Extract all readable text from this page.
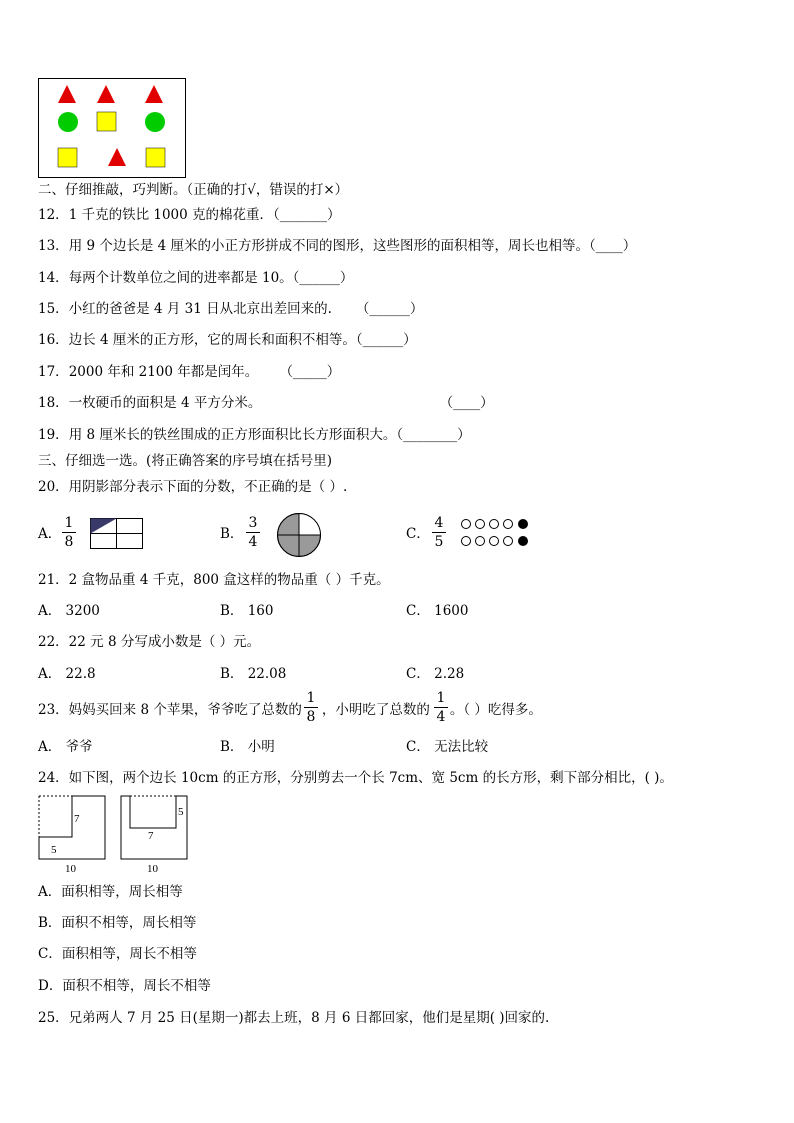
二、仔细推敲，巧判断。（正确的打√，错误的打×）
12．1 千克的铁比 1000 克的棉花重．（_______）
13．用 9 个边长是 4 厘米的小正方形拼成不同的图形，这些图形的面积相等，周长也相等。（____）
14．每两个计数单位之间的进率都是 10。（______）
15．小红的爸爸是 4 月 31 日从北京出差回来的. （______）
16．边长 4 厘米的正方形，它的周长和面积不相等。（______）
17．2000 年和 2100 年都是闰年。 （_____）
18．一枚硬币的面积是 4 平方分米。	（____）
19．用 8 厘米长的铁丝围成的正方形面积比长方形面积大。（________）
三、仔细选一选。(将正确答案的序号填在括号里)
20．用阴影部分表示下面的分数，不正确的是（ ）.
A．
1
8	B．
3
4	C．
4
5
21．2 盒物品重 4 千克，800 盒这样的物品重（ ）千克。
A． 3200	B． 160	C． 1600
22．22 元 8 分写成小数是（ ）元。
A． 22.8	B． 22.08	C． 2.28
23．妈妈买回来 8 个苹果，爷爷吃了总数的 ，小明吃了总数的 。（ ）吃得多。
1
8
1
4
A． 爷爷	B． 小明	C． 无法比较
24．如下图，两个边长 10cm 的正方形，分别剪去一个长 7cm、宽 5cm 的长方形，剩下部分相比，( )。
7
5
10
5
7
10
A．面积相等，周长相等
B．面积不相等，周长相等
C．面积相等，周长不相等
D．面积不相等，周长不相等
25．兄弟两人 7 月 25 日(星期一)都去上班，8 月 6 日都回家，他们是星期( )回家的.
